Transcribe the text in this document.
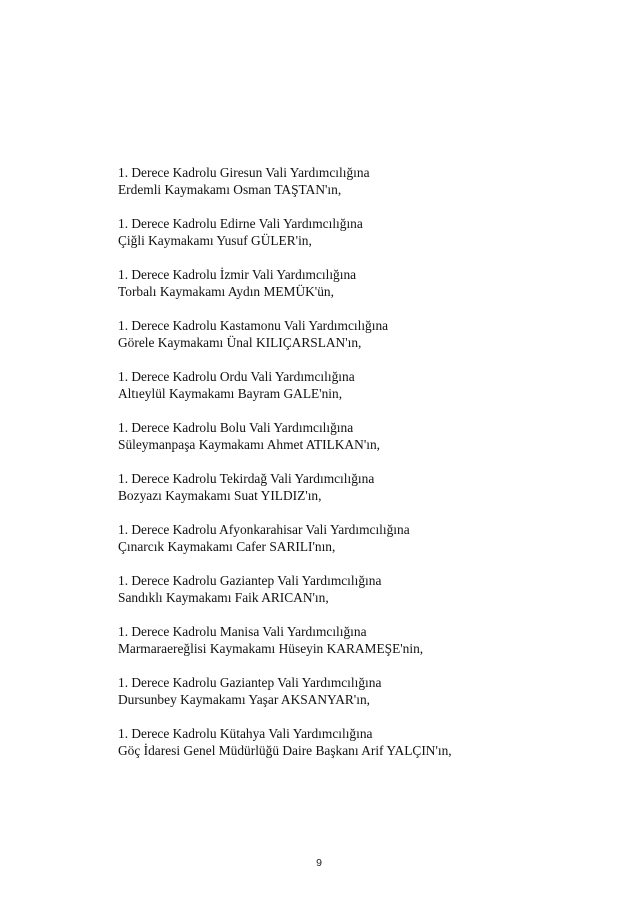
1. Derece Kadrolu Giresun Vali Yardımcılığına
Erdemli Kaymakamı Osman TAŞTAN'ın,
1. Derece Kadrolu Edirne Vali Yardımcılığına
Çiğli Kaymakamı Yusuf GÜLER'in,
1. Derece Kadrolu İzmir Vali Yardımcılığına
Torbalı Kaymakamı Aydın MEMÜK'ün,
1. Derece Kadrolu Kastamonu Vali Yardımcılığına
Görele Kaymakamı Ünal KILIÇARSLAN'ın,
1. Derece Kadrolu Ordu Vali Yardımcılığına
Altıeylül Kaymakamı Bayram GALE'nin,
1. Derece Kadrolu Bolu Vali Yardımcılığına
Süleymanpaşa Kaymakamı Ahmet ATILKAN'ın,
1. Derece Kadrolu Tekirdağ Vali Yardımcılığına
Bozyazı Kaymakamı Suat YILDIZ'ın,
1. Derece Kadrolu Afyonkarahisar Vali Yardımcılığına
Çınarcık Kaymakamı Cafer SARILI'nın,
1. Derece Kadrolu Gaziantep Vali Yardımcılığına
Sandıklı Kaymakamı Faik ARICAN'ın,
1. Derece Kadrolu Manisa Vali Yardımcılığına
Marmaraereğlisi Kaymakamı Hüseyin KARAMEŞE'nin,
1. Derece Kadrolu Gaziantep Vali Yardımcılığına
Dursunbey Kaymakamı Yaşar AKSANYAR'ın,
1. Derece Kadrolu Kütahya Vali Yardımcılığına
Göç İdaresi Genel Müdürlüğü Daire Başkanı Arif YALÇIN'ın,
9
